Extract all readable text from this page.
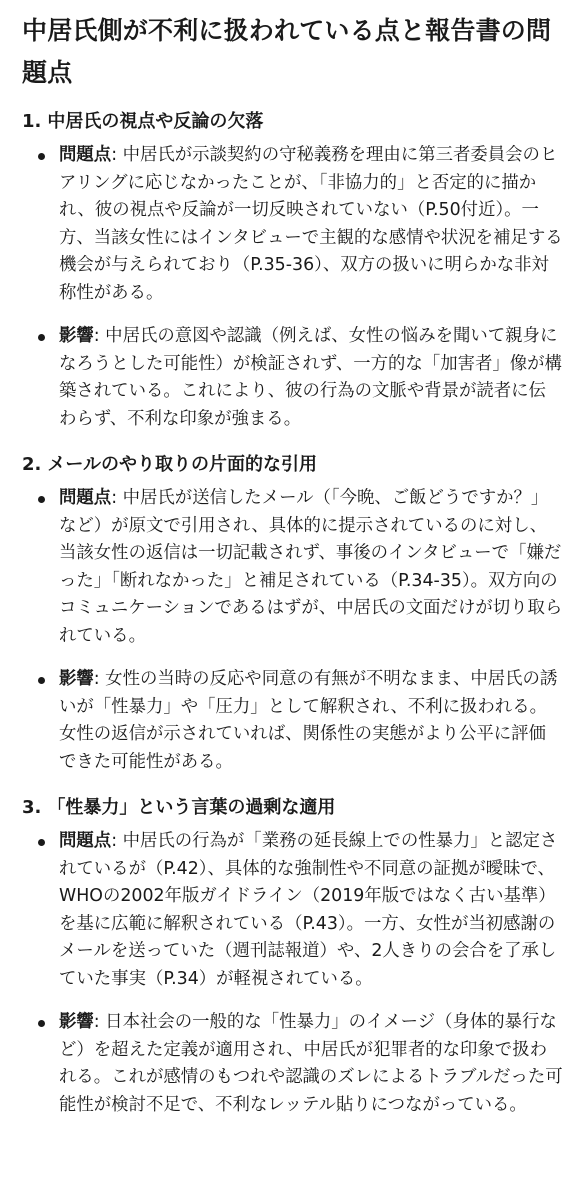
中居氏側が不利に扱われている点と報告書の問題点
1. 中居氏の視点や反論の欠落
問題点: 中居氏が示談契約の守秘義務を理由に第三者委員会のヒアリングに応じなかったことが、「非協力的」と否定的に描かれ、彼の視点や反論が一切反映されていない（P.50付近）。一方、当該女性にはインタビューで主観的な感情や状況を補足する機会が与えられており（P.35-36）、双方の扱いに明らかな非対称性がある。
影響: 中居氏の意図や認識（例えば、女性の悩みを聞いて親身になろうとした可能性）が検証されず、一方的な「加害者」像が構築されている。これにより、彼の行為の文脈や背景が読者に伝わらず、不利な印象が強まる。
2. メールのやり取りの片面的な引用
問題点: 中居氏が送信したメール（「今晩、ご飯どうですか？」など）が原文で引用され、具体的に提示されているのに対し、当該女性の返信は一切記載されず、事後のインタビューで「嫌だった」「断れなかった」と補足されている（P.34-35）。双方向のコミュニケーションであるはずが、中居氏の文面だけが切り取られている。
影響: 女性の当時の反応や同意の有無が不明なまま、中居氏の誘いが「性暴力」や「圧力」として解釈され、不利に扱われる。女性の返信が示されていれば、関係性の実態がより公平に評価できた可能性がある。
3. 「性暴力」という言葉の過剰な適用
問題点: 中居氏の行為が「業務の延長線上での性暴力」と認定されているが（P.42）、具体的な強制性や不同意の証拠が曖昧で、WHOの2002年版ガイドライン（2019年版ではなく古い基準）を基に広範に解釈されている（P.43）。一方、女性が当初感謝のメールを送っていた（週刊誌報道）や、2人きりの会合を了承していた事実（P.34）が軽視されている。
影響: 日本社会の一般的な「性暴力」のイメージ（身体的暴行など）を超えた定義が適用され、中居氏が犯罪者的な印象で扱われる。これが感情のもつれや認識のズレによるトラブルだった可能性が検討不足で、不利なレッテル貼りにつながっている。
